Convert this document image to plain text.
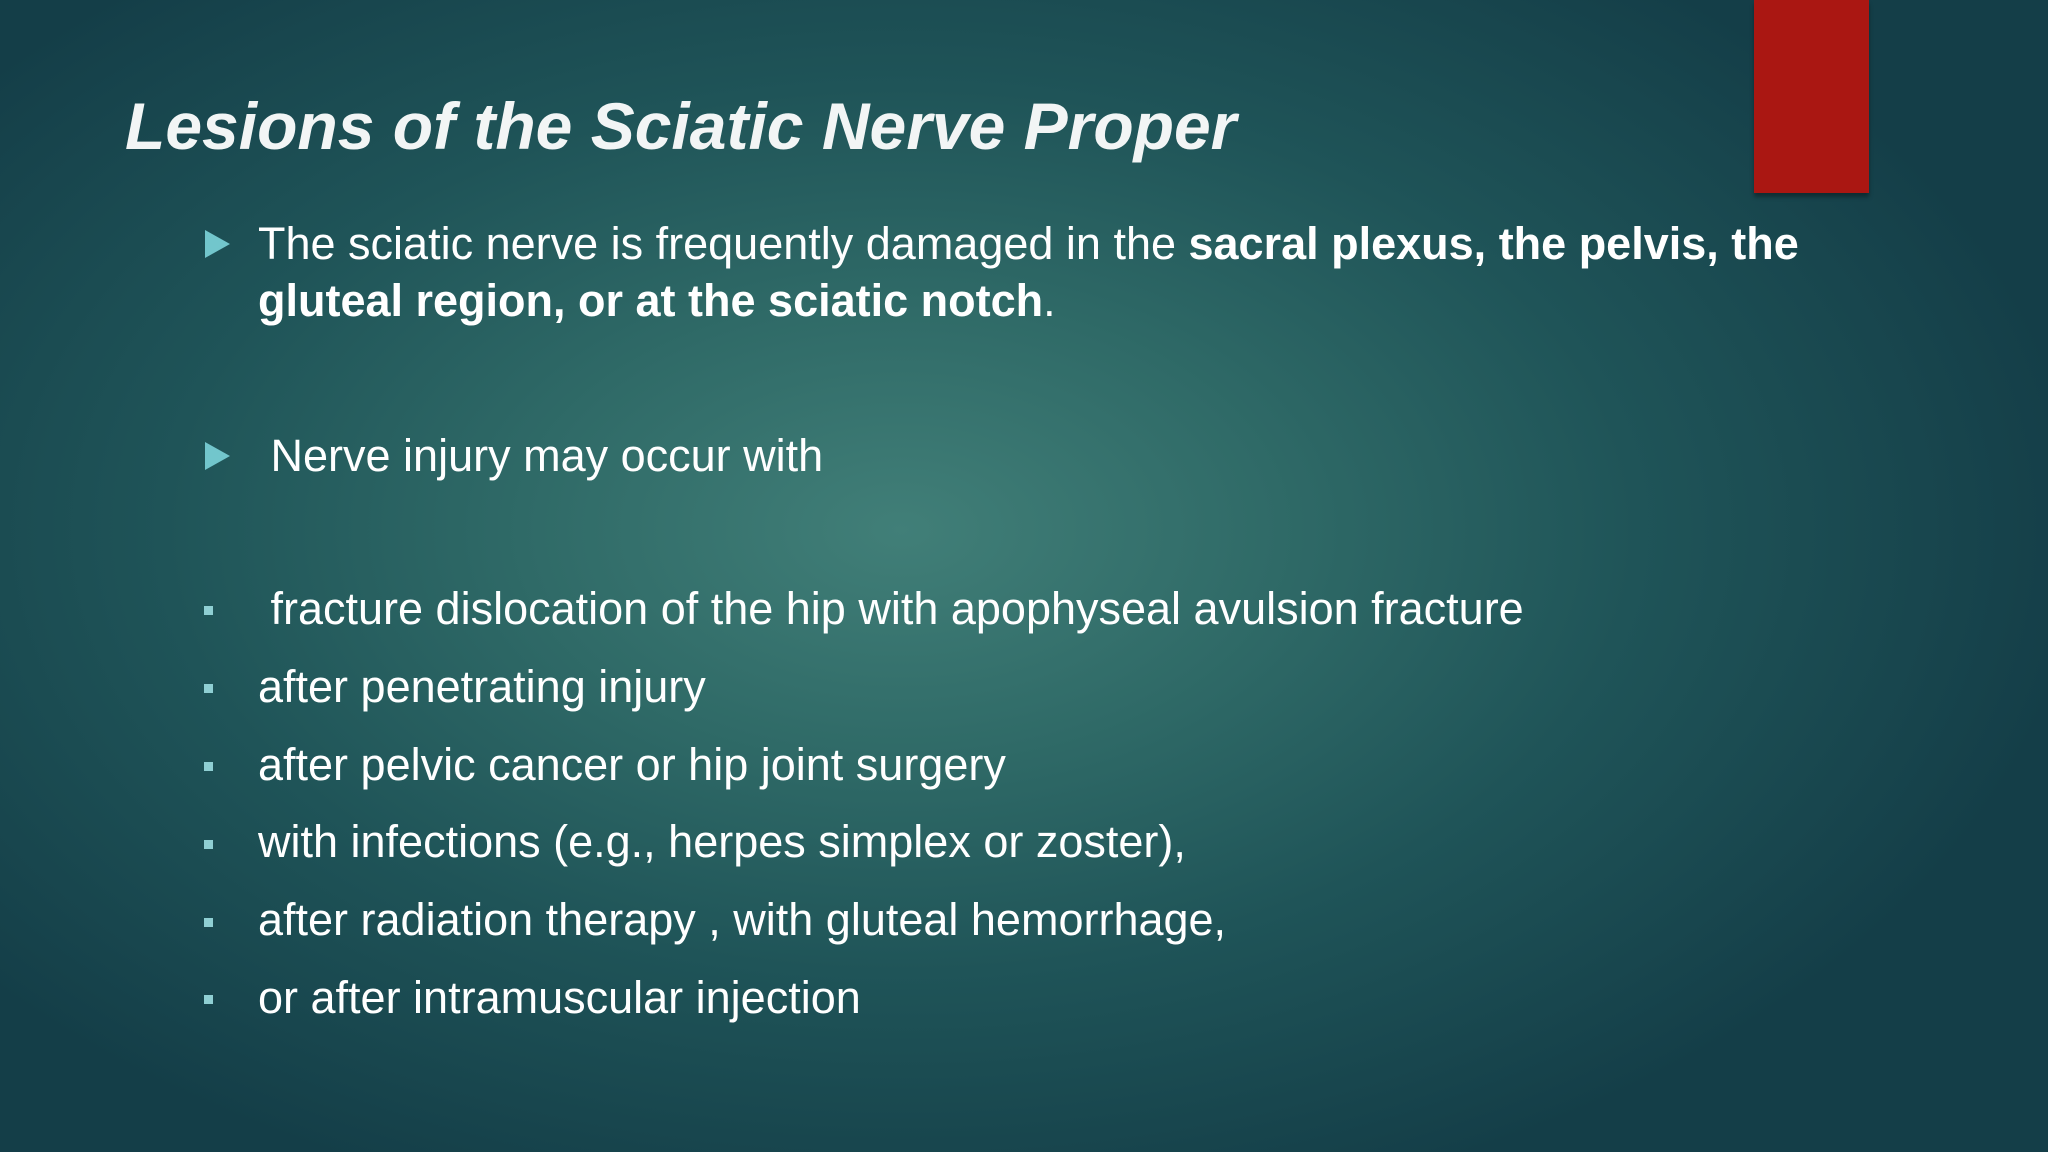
Lesions of the Sciatic Nerve Proper
The sciatic nerve is frequently damaged in the sacral plexus, the pelvis, the
gluteal region, or at the sciatic notch.
Nerve injury may occur with
fracture dislocation of the hip with apophyseal avulsion fracture
after penetrating injury
after pelvic cancer or hip joint surgery
with infections (e.g., herpes simplex or zoster),
after radiation therapy , with gluteal hemorrhage,
or after intramuscular injection
